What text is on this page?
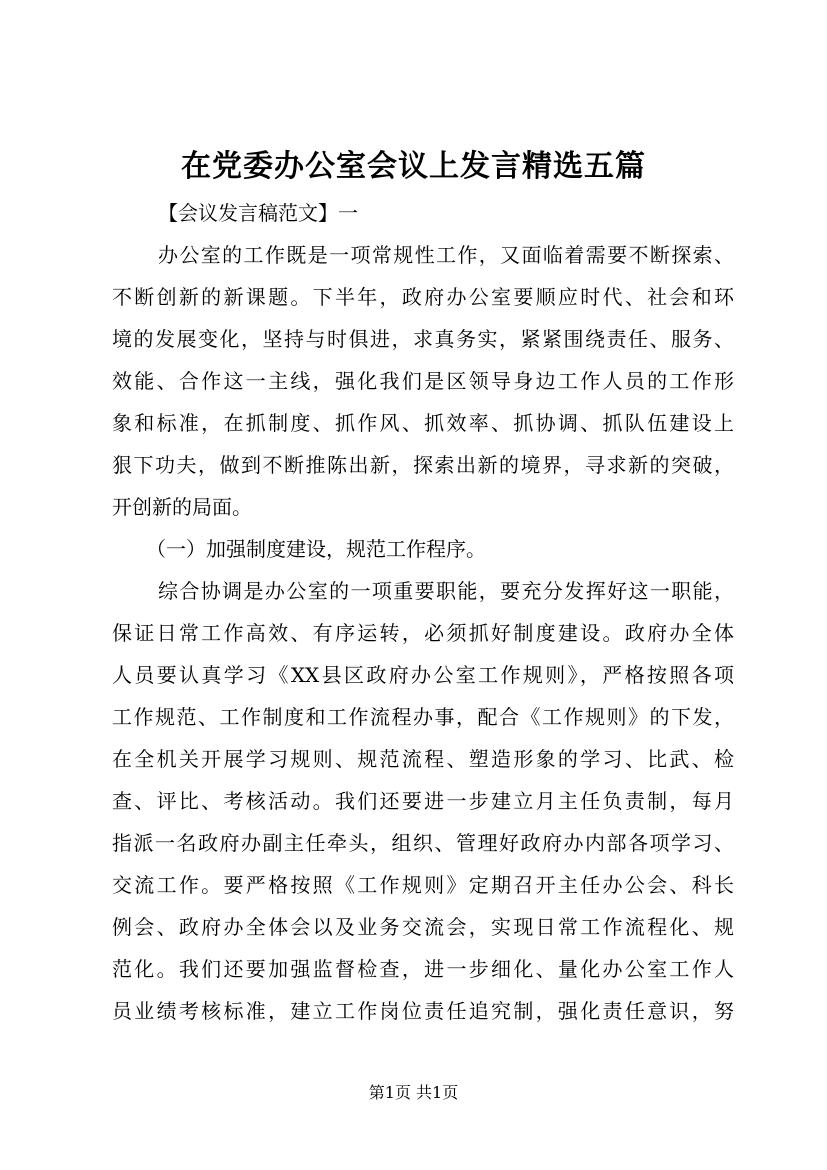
在党委办公室会议上发言精选五篇
【会议发言稿范文】一
办公室的工作既是一项常规性工作，又面临着需要不断探索、
不断创新的新课题。下半年，政府办公室要顺应时代、社会和环
境的发展变化，坚持与时俱进，求真务实，紧紧围绕责任、服务、
效能、合作这一主线，强化我们是区领导身边工作人员的工作形
象和标准，在抓制度、抓作风、抓效率、抓协调、抓队伍建设上
狠下功夫，做到不断推陈出新，探索出新的境界，寻求新的突破，
开创新的局面。
（一）加强制度建设，规范工作程序。
综合协调是办公室的一项重要职能，要充分发挥好这一职能，
保证日常工作高效、有序运转，必须抓好制度建设。政府办全体
人员要认真学习《XX县区政府办公室工作规则》，严格按照各项
工作规范、工作制度和工作流程办事，配合《工作规则》的下发，
在全机关开展学习规则、规范流程、塑造形象的学习、比武、检
查、评比、考核活动。我们还要进一步建立月主任负责制，每月
指派一名政府办副主任牵头，组织、管理好政府办内部各项学习、
交流工作。要严格按照《工作规则》定期召开主任办公会、科长
例会、政府办全体会以及业务交流会，实现日常工作流程化、规
范化。我们还要加强监督检查，进一步细化、量化办公室工作人
员业绩考核标准，建立工作岗位责任追究制，强化责任意识，努
第1页 共1页
